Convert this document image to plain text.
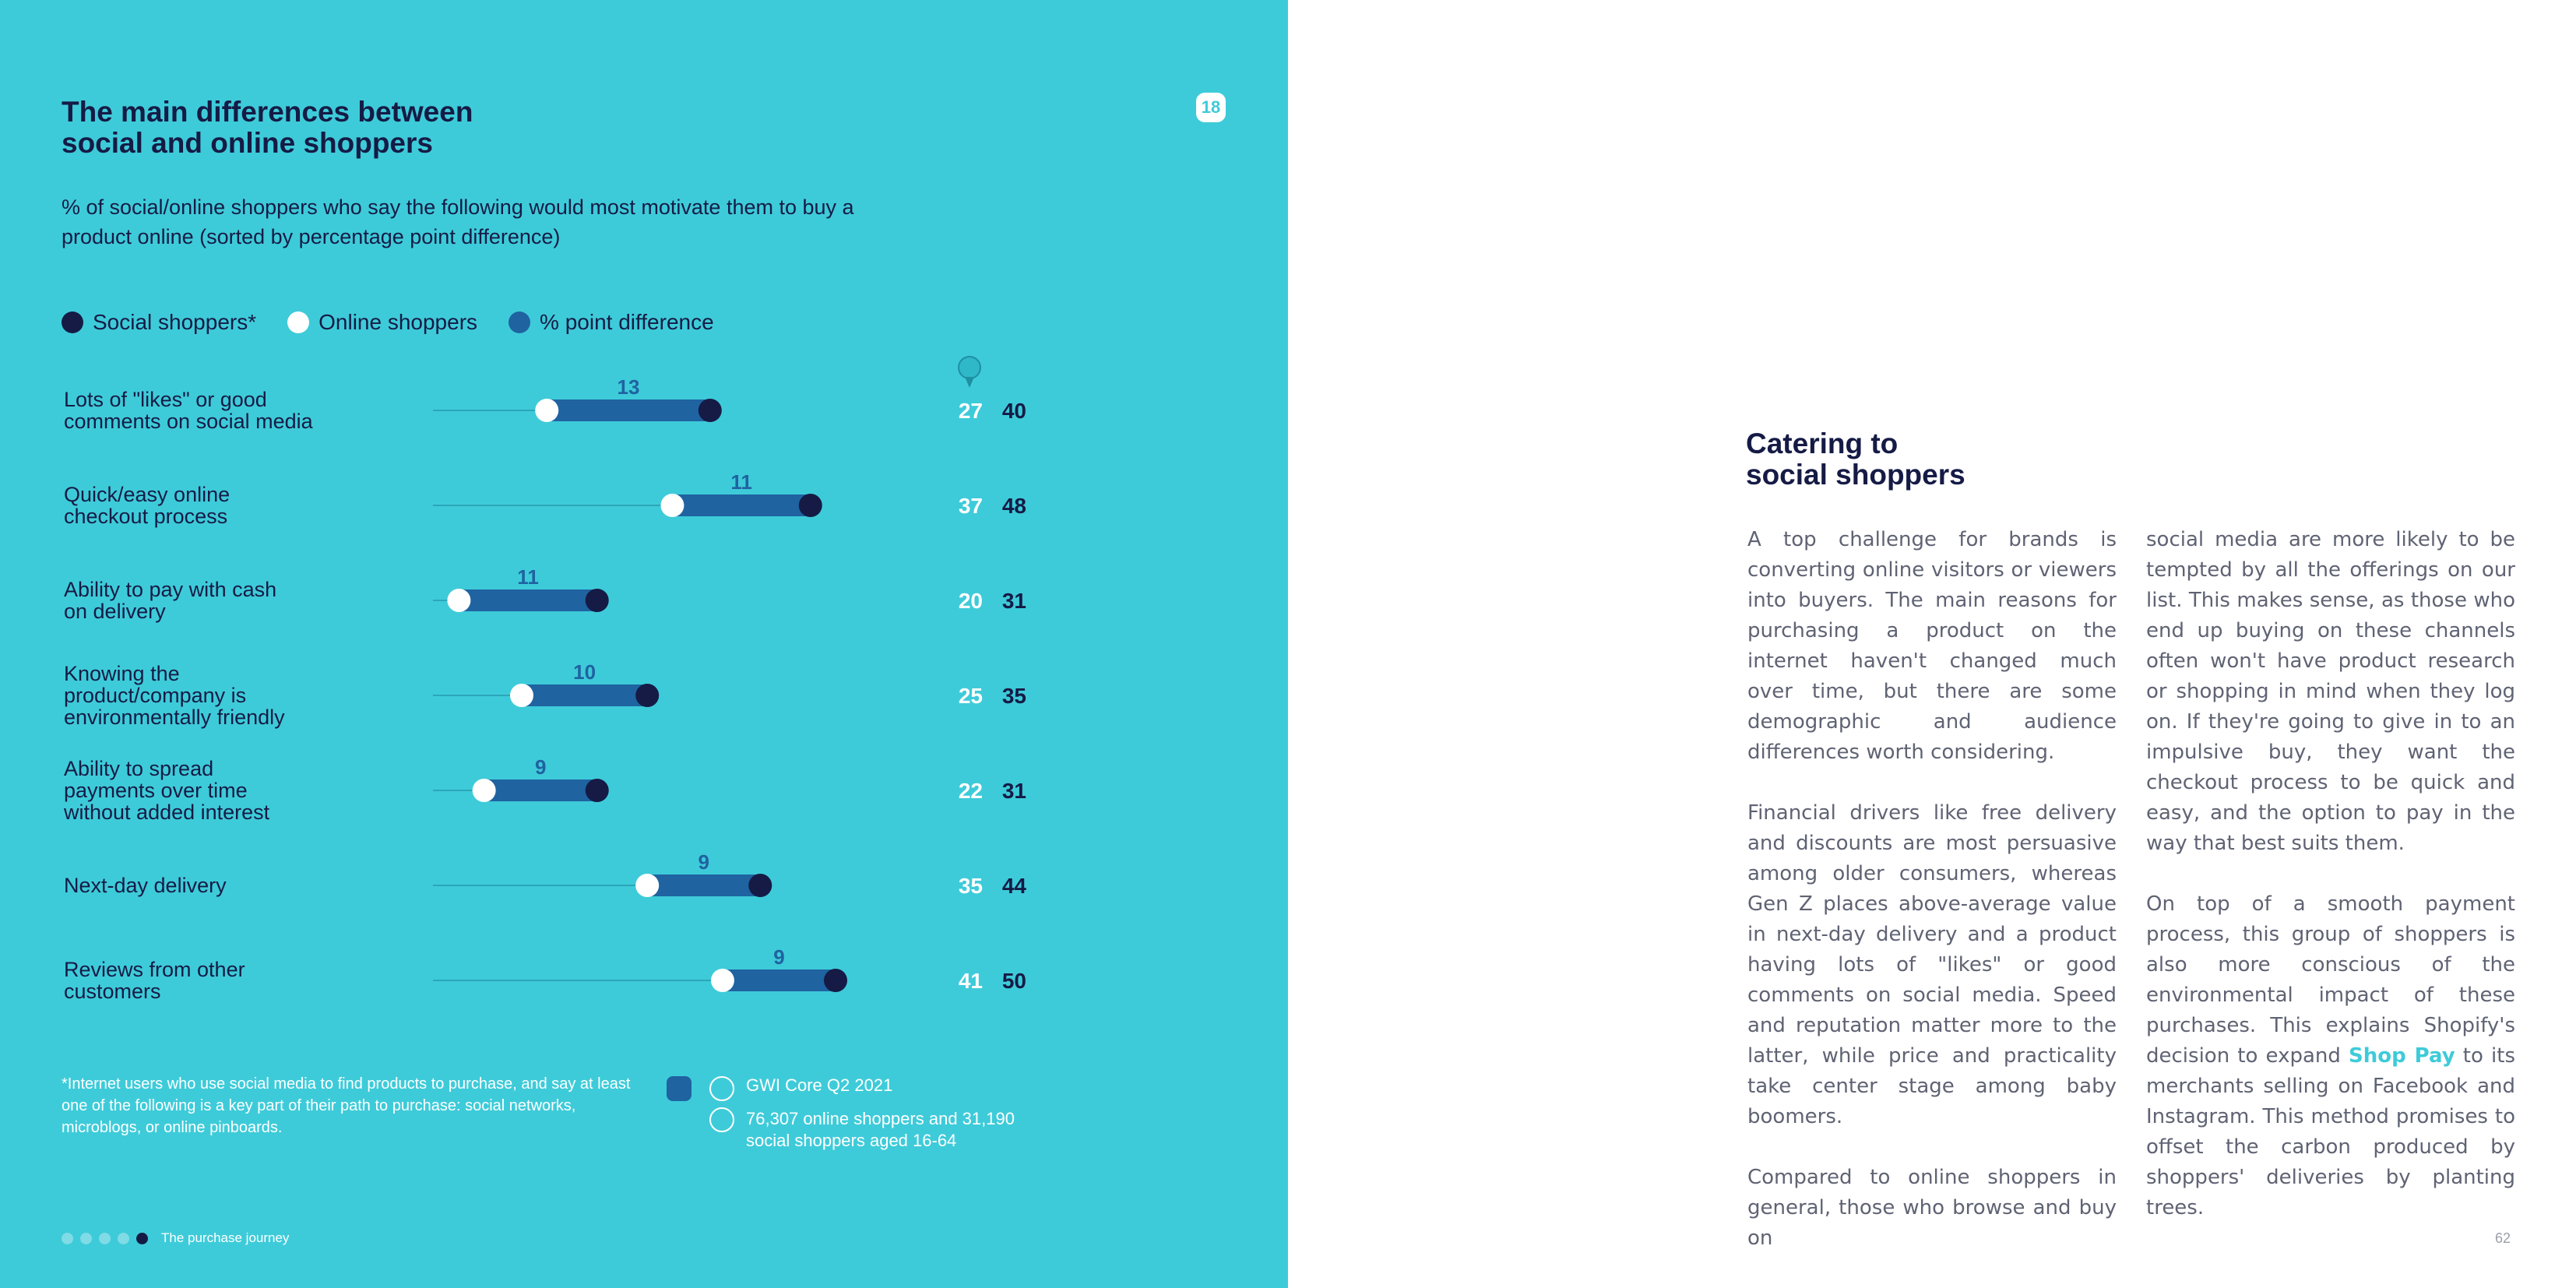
The main differences between
social and online shoppers
18
% of social/online shoppers who say the following would most motivate them to buy a product online (sorted by percentage point difference)
Social shoppers*	Online shoppers	% point difference
Lots of "likes" or good comments on social media
13
27 40
Quick/easy online checkout process
11
37 48
Ability to pay with cash on delivery
11
20 31
Knowing the product/company is environmentally friendly
10
25 35
Ability to spread payments over time without added interest
9
22 31
Next-day delivery
9
35 44
Reviews from other customers
9
41 50
*Internet users who use social media to find products to purchase, and say at least one of the following is a key part of their path to purchase: social networks, microblogs, or online pinboards.
GWI Core Q2 2021
76,307 online shoppers and 31,190 social shoppers aged 16-64
The purchase journey
Catering to
social shoppers

A top challenge for brands is converting online visitors or viewers into buyers. The main reasons for purchasing a product on the internet haven't changed much over time, but there are some demographic and audience differences worth considering.

Financial drivers like free delivery and discounts are most persuasive among older consumers, whereas Gen Z places above-average value in next-day delivery and a product having lots of "likes" or good comments on social media. Speed and reputation matter more to the latter, while price and practicality take center stage among baby boomers.

Compared to online shoppers in general, those who browse and buy on

social media are more likely to be tempted by all the offerings on our list. This makes sense, as those who end up buying on these channels often won't have product research or shopping in mind when they log on. If they're going to give in to an impulsive buy, they want the checkout process to be quick and easy, and the option to pay in the way that best suits them.

On top of a smooth payment process, this group of shoppers is also more conscious of the environmental impact of these purchases. This explains Shopify's decision to expand Shop Pay to its merchants selling on Facebook and Instagram. This method promises to offset the carbon produced by shoppers' deliveries by planting trees.

62
